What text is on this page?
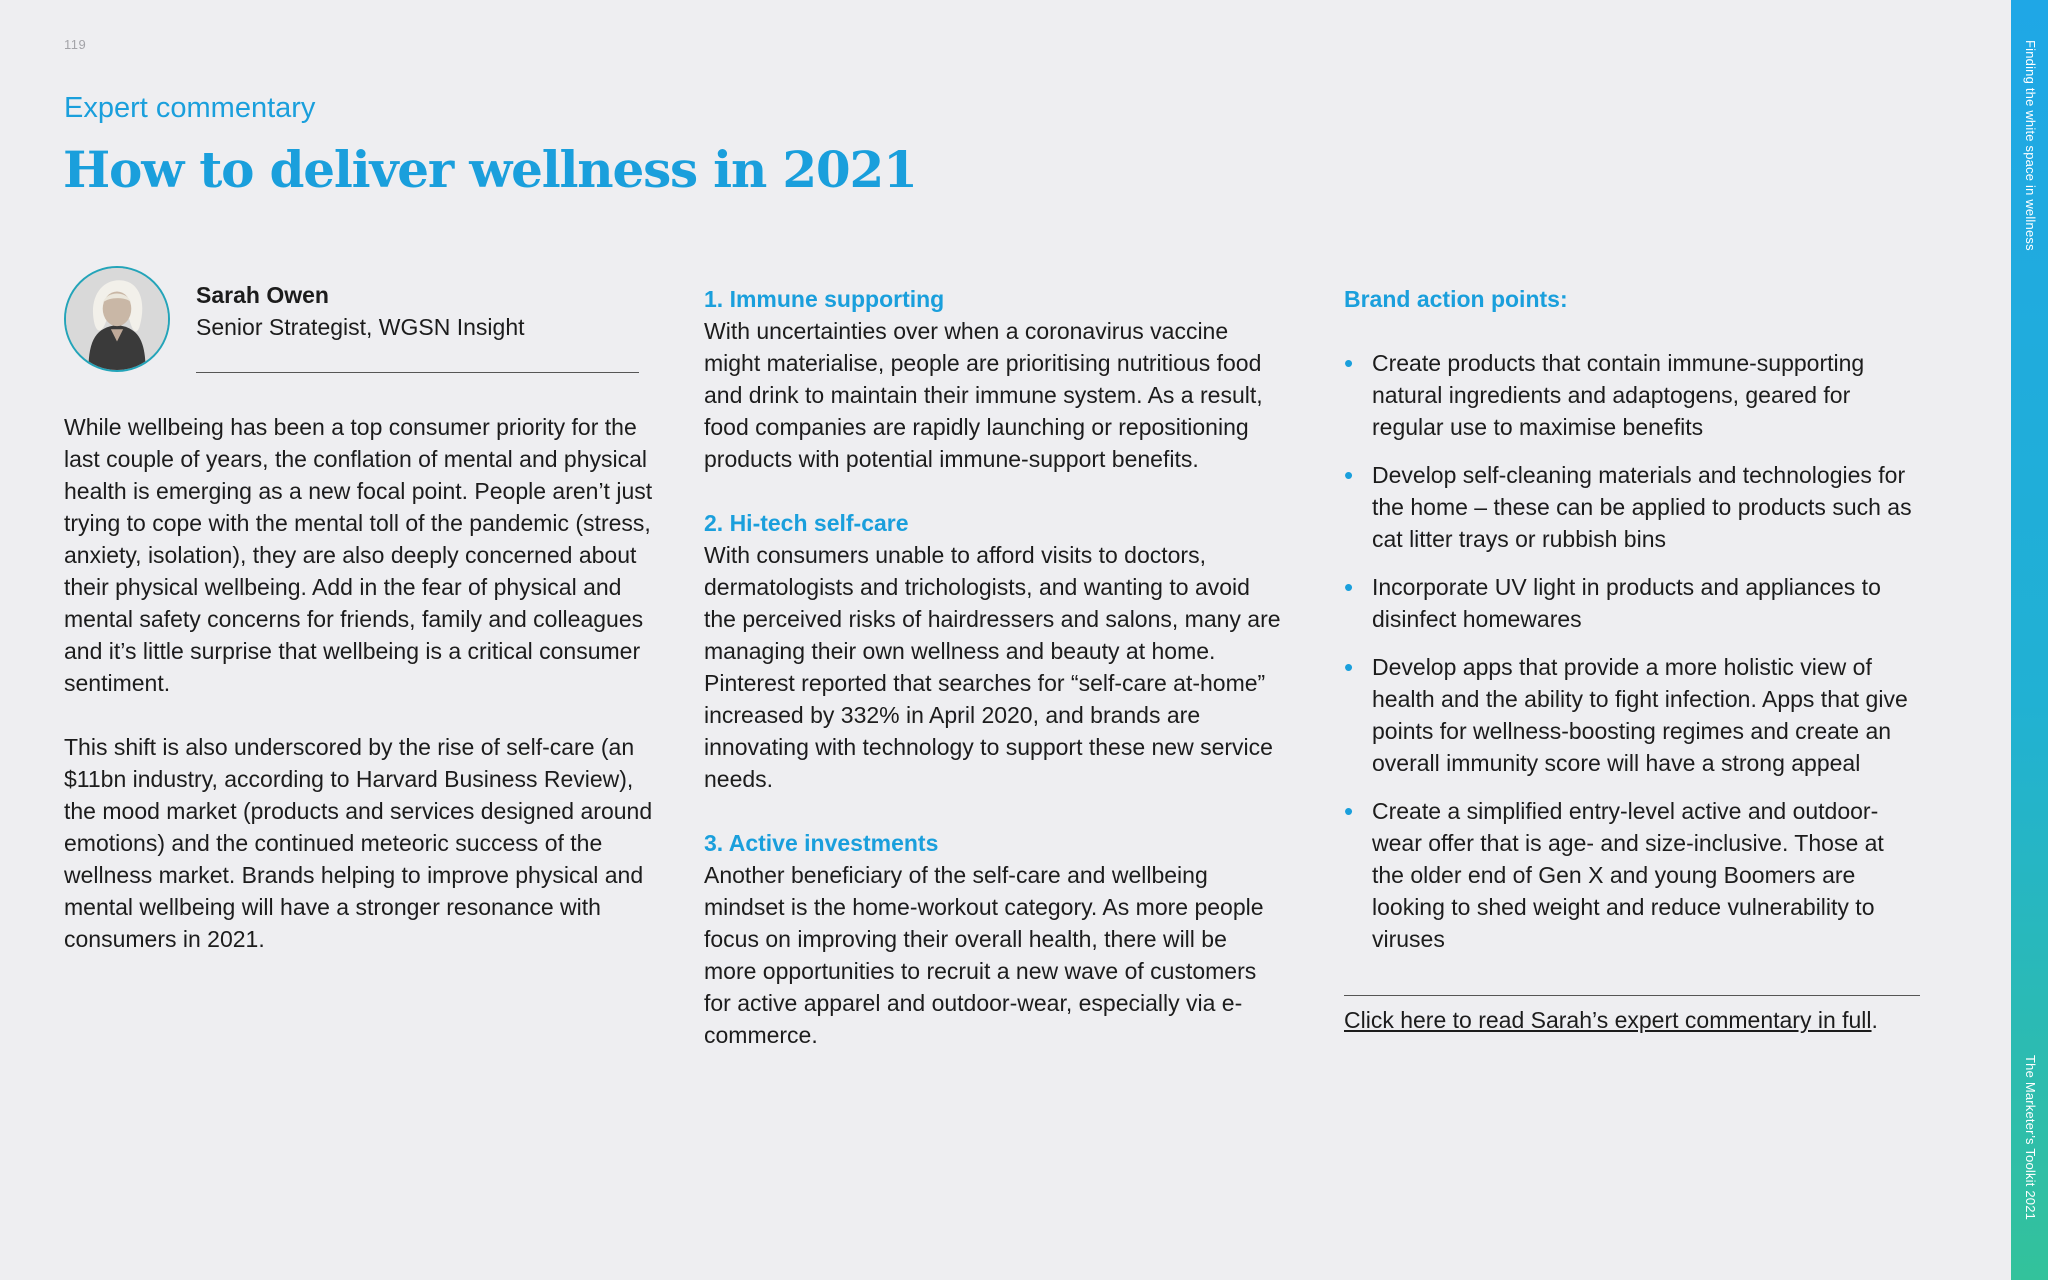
119
Expert commentary
How to deliver wellness in 2021
Sarah Owen
Senior Strategist, WGSN Insight

While wellbeing has been a top consumer priority for the last couple of years, the conflation of mental and physical health is emerging as a new focal point. People aren’t just trying to cope with the mental toll of the pandemic (stress, anxiety, isolation), they are also deeply concerned about their physical wellbeing. Add in the fear of physical and mental safety concerns for friends, family and colleagues and it’s little surprise that wellbeing is a critical consumer sentiment.

This shift is also underscored by the rise of self-care (an $11bn industry, according to Harvard Business Review), the mood market (products and services designed around emotions) and the continued meteoric success of the wellness market. Brands helping to improve physical and mental wellbeing will have a stronger resonance with consumers in 2021.

1. Immune supporting

With uncertainties over when a coronavirus vaccine might materialise, people are prioritising nutritious food and drink to maintain their immune system. As a result, food companies are rapidly launching or repositioning products with potential immune-support benefits.

2. Hi-tech self-care

With consumers unable to afford visits to doctors, dermatologists and trichologists, and wanting to avoid the perceived risks of hairdressers and salons, many are managing their own wellness and beauty at home. Pinterest reported that searches for “self-care at-home” increased by 332% in April 2020, and brands are innovating with technology to support these new service needs.

3. Active investments

Another beneficiary of the self-care and wellbeing mindset is the home-workout category. As more people focus on improving their overall health, there will be more opportunities to recruit a new wave of customers for active apparel and outdoor-wear, especially via e-commerce.

Brand action points:
• Create products that contain immune-supporting natural ingredients and adaptogens, geared for regular use to maximise benefits
• Develop self-cleaning materials and technologies for the home – these can be applied to products such as cat litter trays or rubbish bins
• Incorporate UV light in products and appliances to disinfect homewares
• Develop apps that provide a more holistic view of health and the ability to fight infection. Apps that give points for wellness-boosting regimes and create an overall immunity score will have a strong appeal
• Create a simplified entry-level active and outdoor-wear offer that is age- and size-inclusive. Those at the older end of Gen X and young Boomers are looking to shed weight and reduce vulnerability to viruses
Click here to read Sarah’s expert commentary in full.
Finding the white space in wellness
The Marketer’s Toolkit 2021
